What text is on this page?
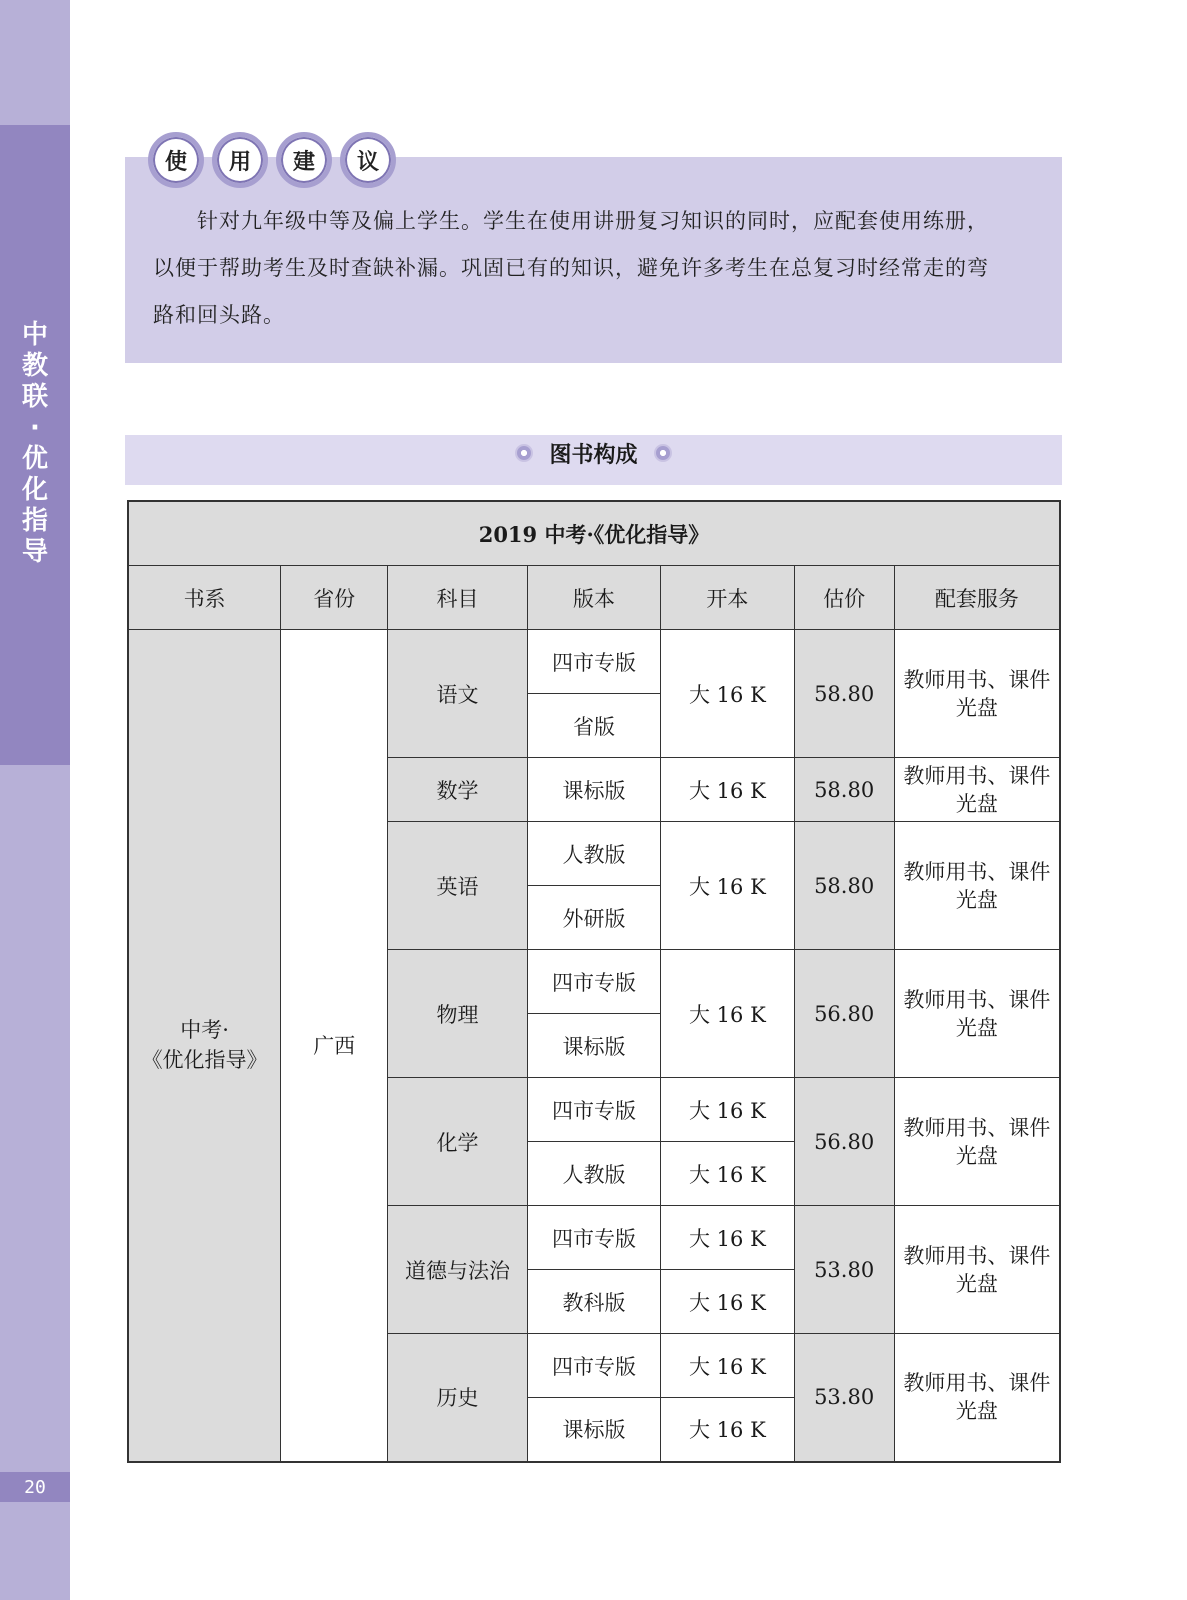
中
教
联
·
优
化
指
导
20
使	用	建	议

针对九年级中等及偏上学生。学生在使用讲册复习知识的同时，应配套使用练册，

以便于帮助考生及时查缺补漏。巩固已有的知识，避免许多考生在总复习时经常走的弯

路和回头路。

图书构成
2019 中考·《优化指导》						
书系	省份	科目	版本	开本	估价	配套服务

中考·
《优化指导》	广西	语文	四市专版	大 16 K	58.80	教师用书、课件光盘
			省版			
		数学	课标版	大 16 K	58.80	教师用书、课件光盘
		英语	人教版	大 16 K	58.80	教师用书、课件光盘
			外研版			
		物理	四市专版	大 16 K	56.80	教师用书、课件光盘
			课标版			
		化学	四市专版	大 16 K	56.80	教师用书、课件光盘
			人教版	大 16 K		
		道德与法治	四市专版	大 16 K	53.80	教师用书、课件光盘
			教科版	大 16 K		
		历史	四市专版	大 16 K	53.80	教师用书、课件光盘
			课标版	大 16 K		
